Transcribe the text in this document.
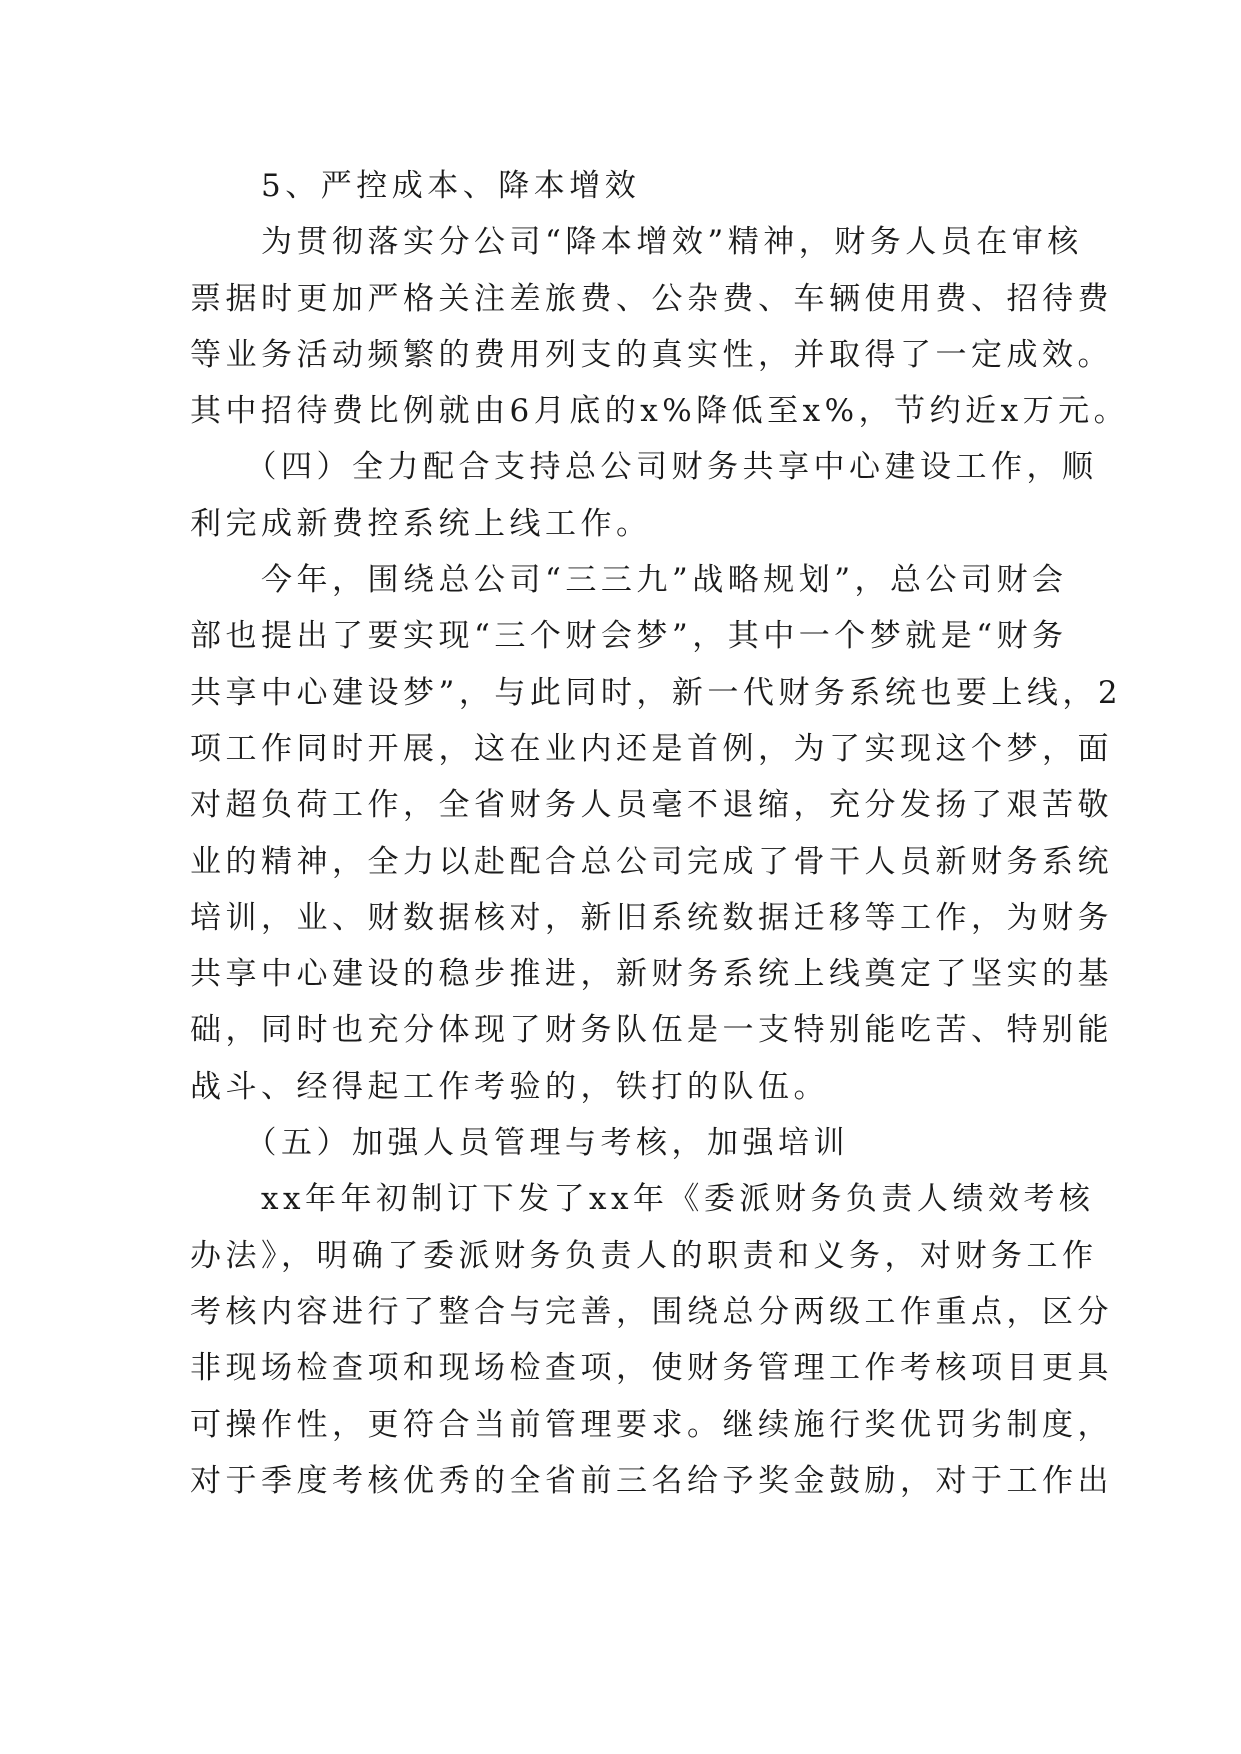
　　5、严控成本、降本增效
　　为贯彻落实分公司“降本增效”精神，财务人员在审核
票据时更加严格关注差旅费、公杂费、车辆使用费、招待费
等业务活动频繁的费用列支的真实性，并取得了一定成效。
其中招待费比例就由6月底的x%降低至x%，节约近x万元。
　　（四）全力配合支持总公司财务共享中心建设工作，顺
利完成新费控系统上线工作。
　　今年，围绕总公司“三三九”战略规划”，总公司财会
部也提出了要实现“三个财会梦”，其中一个梦就是“财务
共享中心建设梦”，与此同时，新一代财务系统也要上线，2
项工作同时开展，这在业内还是首例，为了实现这个梦，面
对超负荷工作，全省财务人员毫不退缩，充分发扬了艰苦敬
业的精神，全力以赴配合总公司完成了骨干人员新财务系统
培训，业、财数据核对，新旧系统数据迁移等工作，为财务
共享中心建设的稳步推进，新财务系统上线奠定了坚实的基
础，同时也充分体现了财务队伍是一支特别能吃苦、特别能
战斗、经得起工作考验的，铁打的队伍。
　　（五）加强人员管理与考核，加强培训
　　xx年年初制订下发了xx年《委派财务负责人绩效考核
办法》，明确了委派财务负责人的职责和义务，对财务工作
考核内容进行了整合与完善，围绕总分两级工作重点，区分
非现场检查项和现场检查项，使财务管理工作考核项目更具
可操作性，更符合当前管理要求。继续施行奖优罚劣制度，
对于季度考核优秀的全省前三名给予奖金鼓励，对于工作出
